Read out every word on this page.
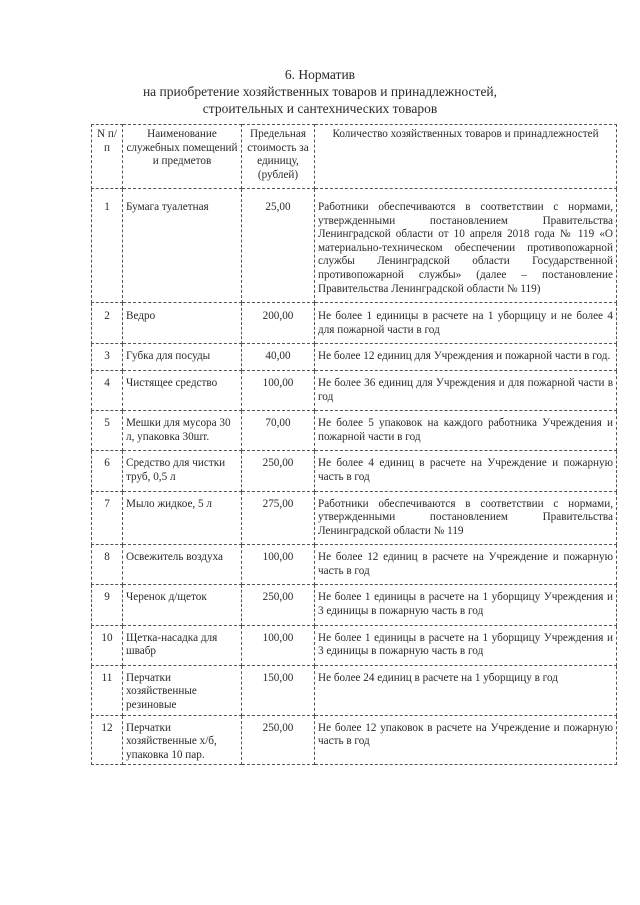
6. Норматив
на приобретение хозяйственных товаров и принадлежностей,
строительных и сантехнических товаров
N п/п	Наименование служебных помещений и предметов	Предельная стоимость за единицу, (рублей)	Количество хозяйственных товаров и принадлежностей
1	Бумага туалетная	25,00	Работники обеспечиваются в соответствии с нормами, утвержденными постановлением Правительства Ленинградской области от 10 апреля 2018 года № 119 «О материально-техническом обеспечении противопожарной службы Ленинградской области Государственной противопожарной службы» (далее – постановление Правительства Ленинградской области № 119)
2	Ведро	200,00	Не более 1 единицы в расчете на 1 уборщицу и не более 4 для пожарной части в год
3	Губка для посуды	40,00	Не более 12 единиц для Учреждения и пожарной части в год.
4	Чистящее средство	100,00	Не более 36 единиц для Учреждения и для пожарной части в год
5	Мешки для мусора 30 л, упаковка 30шт.	70,00	Не более 5 упаковок на каждого работника Учреждения и пожарной части в год
6	Средство для чистки труб, 0,5 л	250,00	Не более 4 единиц в расчете на Учреждение и пожарную часть в год
7	Мыло жидкое, 5 л	275,00	Работники обеспечиваются в соответствии с нормами, утвержденными постановлением Правительства Ленинградской области № 119
8	Освежитель воздуха	100,00	Не более 12 единиц в расчете на Учреждение и пожарную часть в год
9	Черенок д/щеток	250,00	Не более 1 единицы в расчете на 1 уборщицу Учреждения и 3 единицы в пожарную часть в год
10	Щетка-насадка для швабр	100,00	Не более 1 единицы в расчете на 1 уборщицу Учреждения и 3 единицы в пожарную часть в год
11	Перчатки хозяйственные резиновые	150,00	Не более 24 единиц в расчете на 1 уборщицу в год
12	Перчатки хозяйственные х/б, упаковка 10 пар.	250,00	Не более 12 упаковок в расчете на Учреждение и пожарную часть в год
